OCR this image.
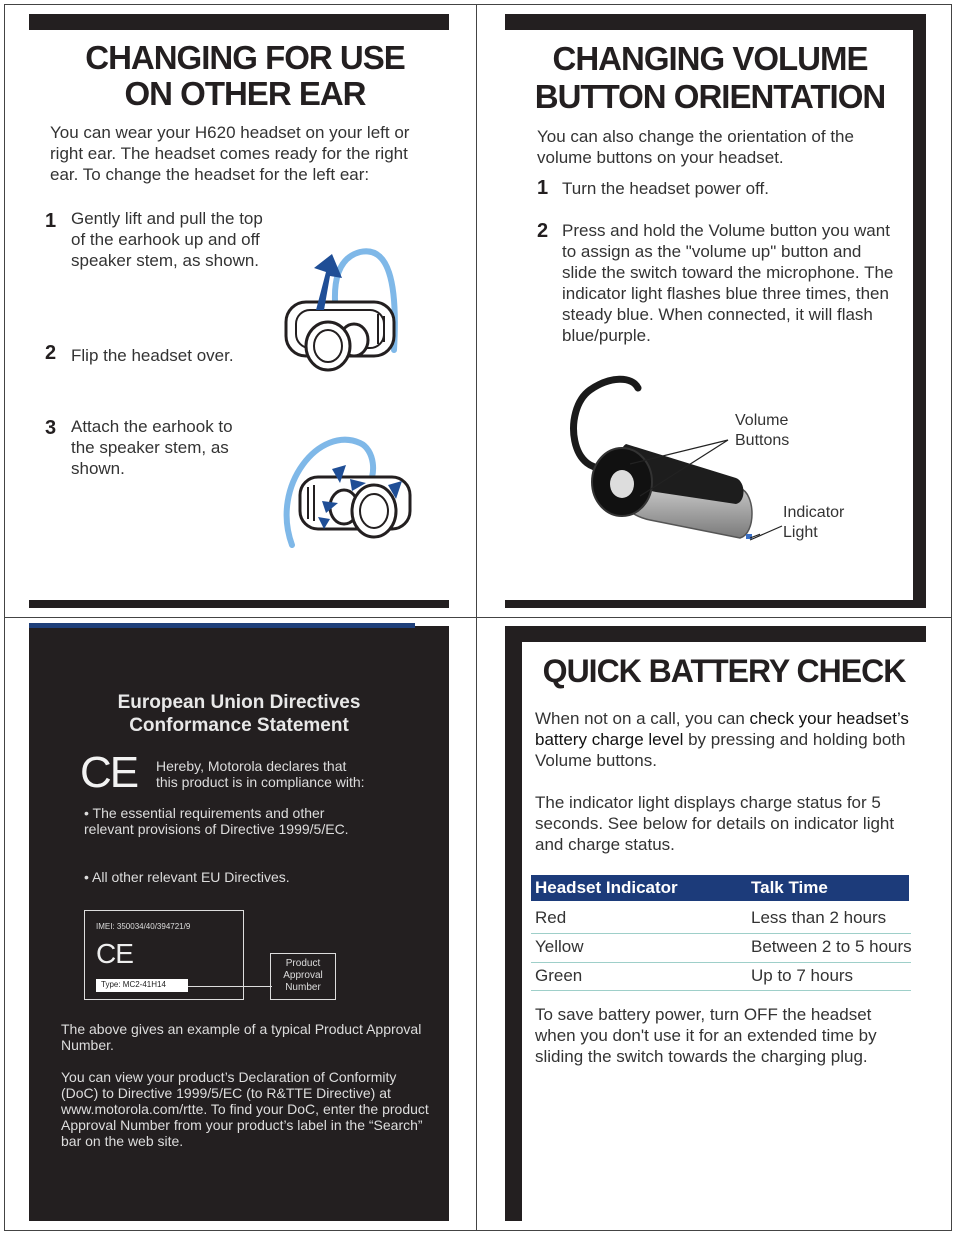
CHANGING FOR USE
ON OTHER EAR
You can wear your H620 headset on your left or right ear. The headset comes ready for the right ear. To change the headset for the left ear:
1 Gently lift and pull the top of the earhook up and off speaker stem, as shown.
2 Flip the headset over.
3 Attach the earhook to the speaker stem, as shown.
CHANGING VOLUME
BUTTON ORIENTATION
You can also change the orientation of the volume buttons on your headset.
1 Turn the headset power off.
2 Press and hold the Volume button you want to assign as the "volume up" button and slide the switch toward the microphone. The indicator light flashes blue three times, then steady blue. When connected, it will flash blue/purple.
Volume
Buttons
Indicator
Light
European Union Directives
Conformance Statement
CE Hereby, Motorola declares that
this product is in compliance with:
• The essential requirements and other relevant provisions of Directive 1999/5/EC.
• All other relevant EU Directives.
IMEI: 350034/40/394721/9
CE
Type: MC2-41H14
Product
Approval
Number
The above gives an example of a typical Product Approval Number.
You can view your product’s Declaration of Conformity (DoC) to Directive 1999/5/EC (to R&TTE Directive) at www.motorola.com/rtte. To find your DoC, enter the product Approval Number from your product’s label in the “Search” bar on the web site.
QUICK BATTERY CHECK
When not on a call, you can check your headset’s battery charge level by pressing and holding both Volume buttons.
The indicator light displays charge status for 5 seconds. See below for details on indicator light and charge status.
Headset Indicator	Talk Time
Red	Less than 2 hours
Yellow	Between 2 to 5 hours
Green	Up to 7 hours
To save battery power, turn OFF the headset when you don't use it for an extended time by sliding the switch towards the charging plug.
